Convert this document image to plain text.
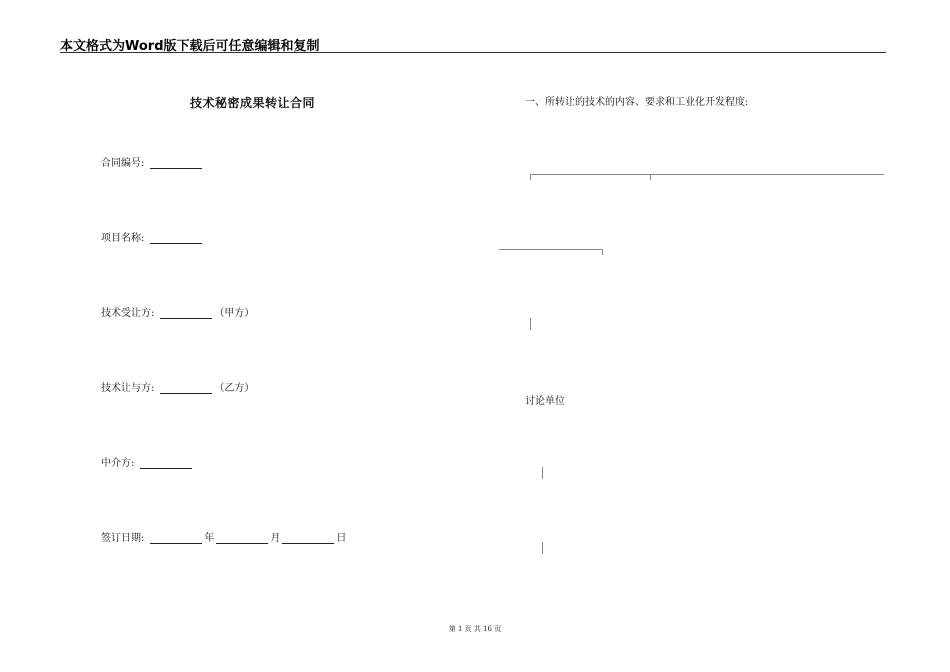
本文格式为Word版下载后可任意编辑和复制
技术秘密成果转让合同
合同编号:
项目名称:
技术受让方:	（甲方）
技术让与方:	（乙方）
中介方:
签订日期:	年	月	日
一、所转让的技术的内容、要求和工业化开发程度:
讨论单位
第 1 页 共 16 页
